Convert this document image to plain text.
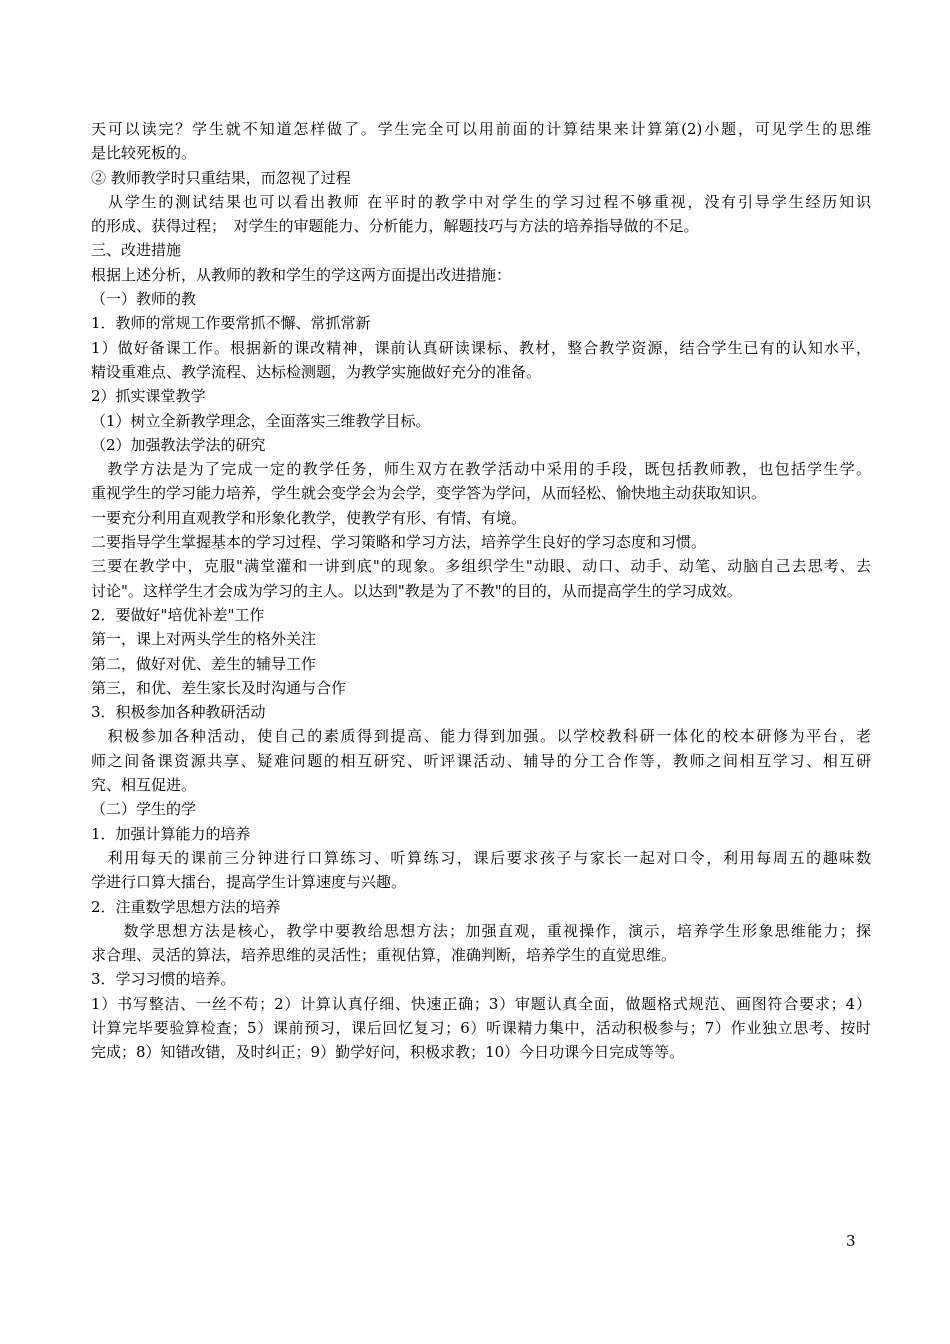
天可以读完？学生就不知道怎样做了。学生完全可以用前面的计算结果来计算第(2)小题，可见学生的思维
是比较死板的。
② 教师教学时只重结果，而忽视了过程
　从学生的测试结果也可以看出教师 在平时的教学中对学生的学习过程不够重视，没有引导学生经历知识
的形成、获得过程；　对学生的审题能力、分析能力，解题技巧与方法的培养指导做的不足。
三、改进措施
根据上述分析，从教师的教和学生的学这两方面提出改进措施：
（一）教师的教
1．教师的常规工作要常抓不懈、常抓常新
1）做好备课工作。根据新的课改精神，课前认真研读课标、教材，整合教学资源，结合学生已有的认知水平，
精设重难点、教学流程、达标检测题，为教学实施做好充分的准备。
2）抓实课堂教学
（1）树立全新教学理念，全面落实三维教学目标。
（2）加强教法学法的研究
　教学方法是为了完成一定的教学任务，师生双方在教学活动中采用的手段，既包括教师教，也包括学生学。
重视学生的学习能力培养，学生就会变学会为会学，变学答为学问，从而轻松、愉快地主动获取知识。
一要充分利用直观教学和形象化教学，使教学有形、有情、有境。
二要指导学生掌握基本的学习过程、学习策略和学习方法，培养学生良好的学习态度和习惯。
三要在教学中，克服"满堂灌和一讲到底"的现象。多组织学生"动眼、动口、动手、动笔、动脑自己去思考、去
讨论"。这样学生才会成为学习的主人。以达到"教是为了不教"的目的，从而提高学生的学习成效。
2．要做好"培优补差"工作
第一，课上对两头学生的格外关注
第二，做好对优、差生的辅导工作
第三，和优、差生家长及时沟通与合作
3．积极参加各种教研活动
　积极参加各种活动，使自己的素质得到提高、能力得到加强。以学校教科研一体化的校本研修为平台，老
师之间备课资源共享、疑难问题的相互研究、听评课活动、辅导的分工合作等，教师之间相互学习、相互研
究、相互促进。
（二）学生的学
1．加强计算能力的培养
　利用每天的课前三分钟进行口算练习、听算练习，课后要求孩子与家长一起对口令，利用每周五的趣味数
学进行口算大擂台，提高学生计算速度与兴趣。
2．注重数学思想方法的培养
　　数学思想方法是核心，教学中要教给思想方法；加强直观，重视操作，演示，培养学生形象思维能力；探
求合理、灵活的算法，培养思维的灵活性；重视估算，准确判断，培养学生的直觉思维。
3．学习习惯的培养。
1）书写整洁、一丝不苟；2）计算认真仔细、快速正确；3）审题认真全面，做题格式规范、画图符合要求；4）
计算完毕要验算检查；5）课前预习，课后回忆复习；6）听课精力集中，活动积极参与；7）作业独立思考、按时
完成；8）知错改错，及时纠正；9）勤学好问，积极求教；10）今日功课今日完成等等。
3
